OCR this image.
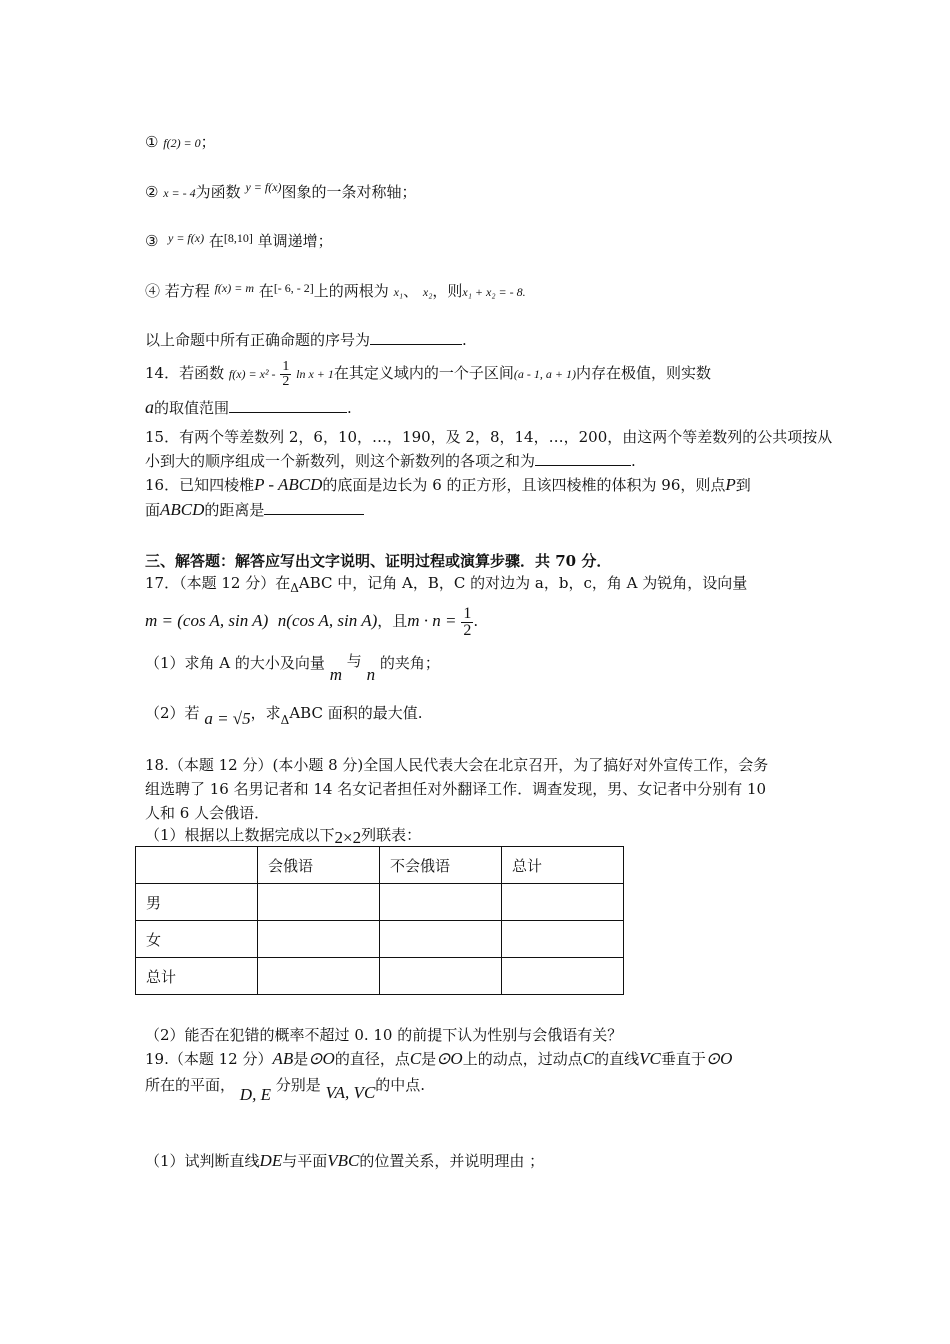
① f(2) = 0；
② x = - 4为函数 $^{y = f(x)}$图象的一条对称轴；
③ $^{y = f(x)}$ 在[8,10] 单调递增；
④ 若方程 $^{f(x) = m}$ 在[- 6, - 2]上的两根为 x₁、 x₂，则x₁ + x₂ = - 8.
以上命题中所有正确命题的序号为	.
14．若函数 $f(x) = x^2 - \frac{1}{2}$ ln x + 1在其定义域内的一个子区间(a - 1, a + 1)内存在极值，则实数
a的取值范围	.
15．有两个等差数列 2，6，10，…，190，及 2，8，14，…，200，由这两个等差数列的公共项按从
小到大的顺序组成一个新数列，则这个新数列的各项之和为	.
16．已知四棱椎P - ABCD的底面是边长为 6 的正方形，且该四棱椎的体积为 96，则点P到
面ABCD的距离是
三、解答题：解答应写出文字说明、证明过程或演算步骤．共 70 分．
17．（本题 12 分）在$_\Delta$ABC 中，记角 A，B，C 的对边为 a，b，c，角 A 为锐角，设向量
m = (cos A, sin A) n(cos A, sin A)，且$m \cdot n = \frac{1}{2}$ .
（1）求角 A 的大小及向量 m 与 n 的夹角；
（2）若 a = √5，求$_\Delta$ABC 面积的最大值.
18.（本题 12 分）(本小题 8 分)全国人民代表大会在北京召开，为了搞好对外宣传工作，会务
组选聘了 16 名男记者和 14 名女记者担任对外翻译工作．调查发现，男、女记者中分别有 10
人和 6 人会俄语．
（1）根据以上数据完成以下2×2列联表：
	会俄语	不会俄语	总计
男			
女			
总计			
（2）能否在犯错的概率不超过 0. 10 的前提下认为性别与会俄语有关？
19.（本题 12 分）AB是⊙O的直径，点C是⊙O上的动点，过动点C的直线VC垂直于⊙O
所在的平面， D, E 分别是 VA, VC的中点.
（1）试判断直线DE与平面VBC的位置关系，并说明理由 ；
